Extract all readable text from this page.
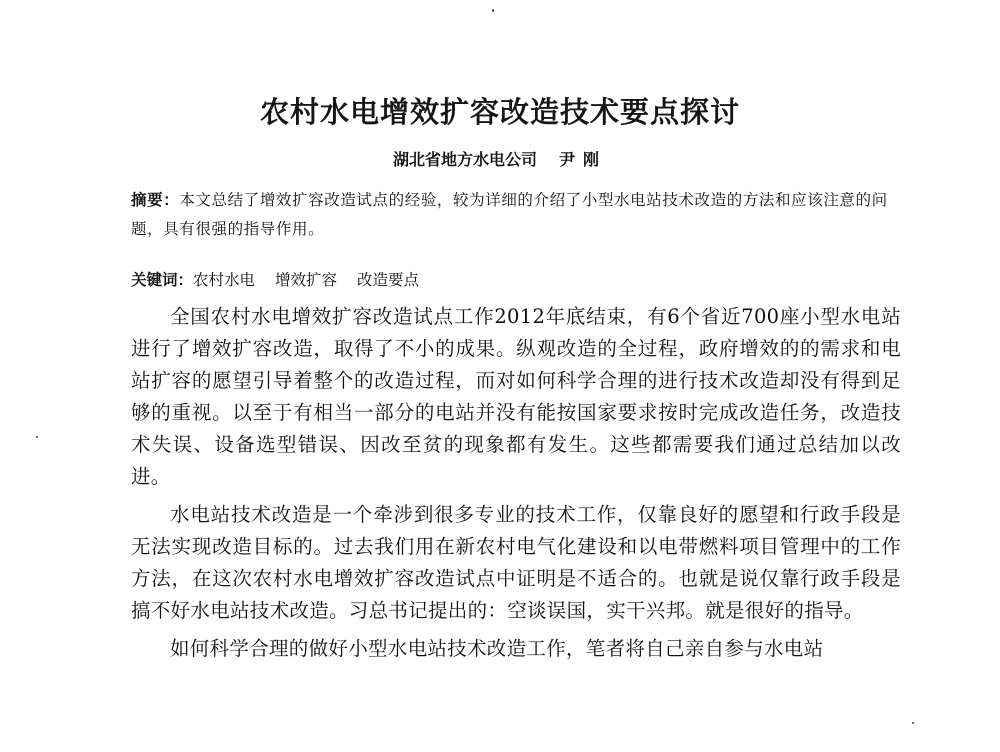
农村水电增效扩容改造技术要点探讨
湖北省地方水电公司 尹刚
摘要：本文总结了增效扩容改造试点的经验，较为详细的介绍了小型水电站技术改造的方法和应该注意的问题，具有很强的指导作用。
关键词：农村水电 增效扩容 改造要点

全国农村水电增效扩容改造试点工作2012年底结束，有6个省近700座小型水电站进行了增效扩容改造，取得了不小的成果。纵观改造的全过程，政府增效的的需求和电站扩容的愿望引导着整个的改造过程，而对如何科学合理的进行技术改造却没有得到足够的重视。以至于有相当一部分的电站并没有能按国家要求按时完成改造任务，改造技术失误、设备选型错误、因改至贫的现象都有发生。这些都需要我们通过总结加以改进。

水电站技术改造是一个牵涉到很多专业的技术工作，仅靠良好的愿望和行政手段是无法实现改造目标的。过去我们用在新农村电气化建设和以电带燃料项目管理中的工作方法，在这次农村水电增效扩容改造试点中证明是不适合的。也就是说仅靠行政手段是搞不好水电站技术改造。习总书记提出的：空谈误国，实干兴邦。就是很好的指导。

如何科学合理的做好小型水电站技术改造工作，笔者将自己亲自参与水电站
